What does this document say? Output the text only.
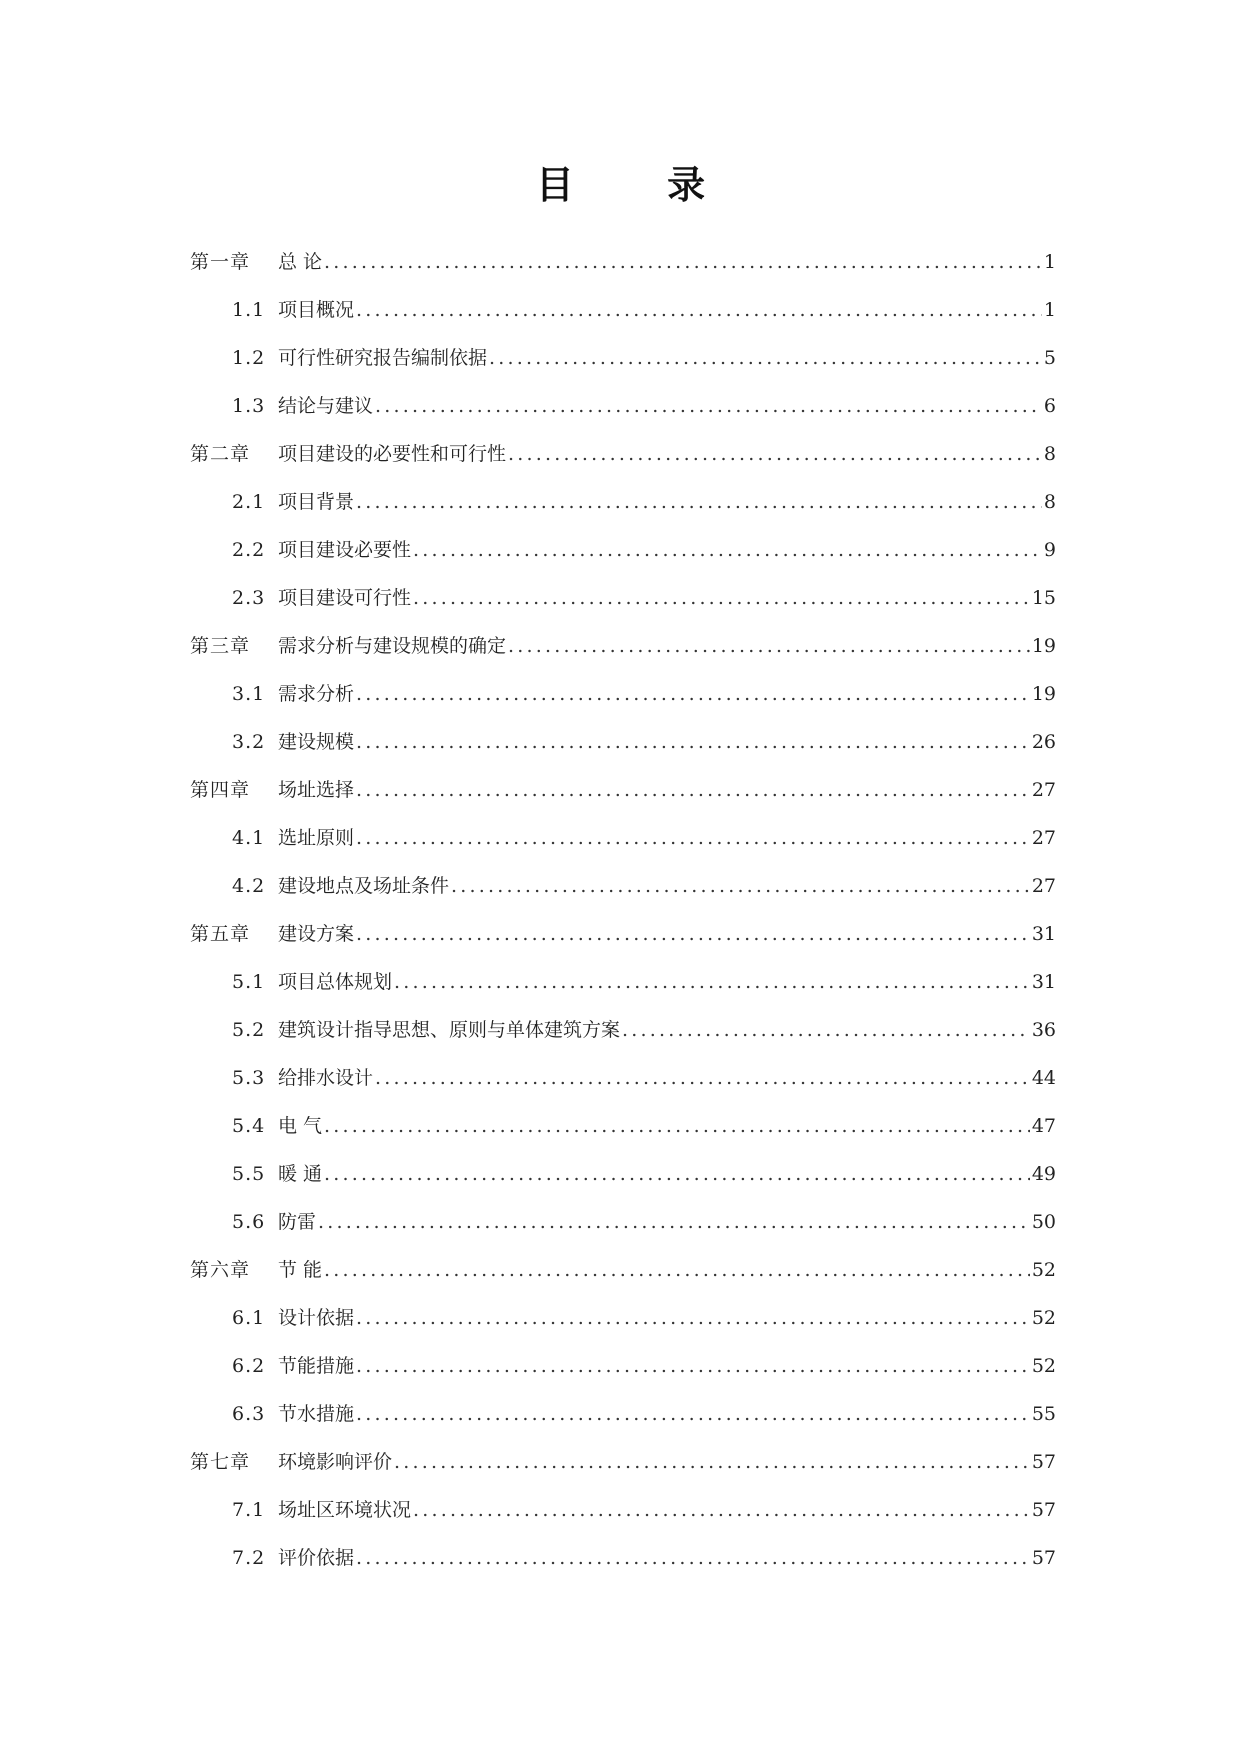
目 录
第一章	总 论 .....	1
1.1 项目概况 .....	1
1.2 可行性研究报告编制依据 .....	5
1.3 结论与建议 .....	6
第二章	项目建设的必要性和可行性 .....	8
2.1 项目背景 .....	8
2.2 项目建设必要性 .....	9
2.3 项目建设可行性 .....	15
第三章	需求分析与建设规模的确定 .....	19
3.1 需求分析 .....	19
3.2 建设规模 .....	26
第四章	场址选择 .....	27
4.1 选址原则 .....	27
4.2 建设地点及场址条件 .....	27
第五章	建设方案 .....	31
5.1 项目总体规划 .....	31
5.2 建筑设计指导思想、原则与单体建筑方案 .....	36
5.3 给排水设计 .....	44
5.4 电 气 .....	47
5.5 暖 通 .....	49
5.6 防雷 .....	50
第六章	节 能 .....	52
6.1 设计依据 .....	52
6.2 节能措施 .....	52
6.3 节水措施 .....	55
第七章	环境影响评价 .....	57
7.1 场址区环境状况 .....	57
7.2 评价依据 .....	57
